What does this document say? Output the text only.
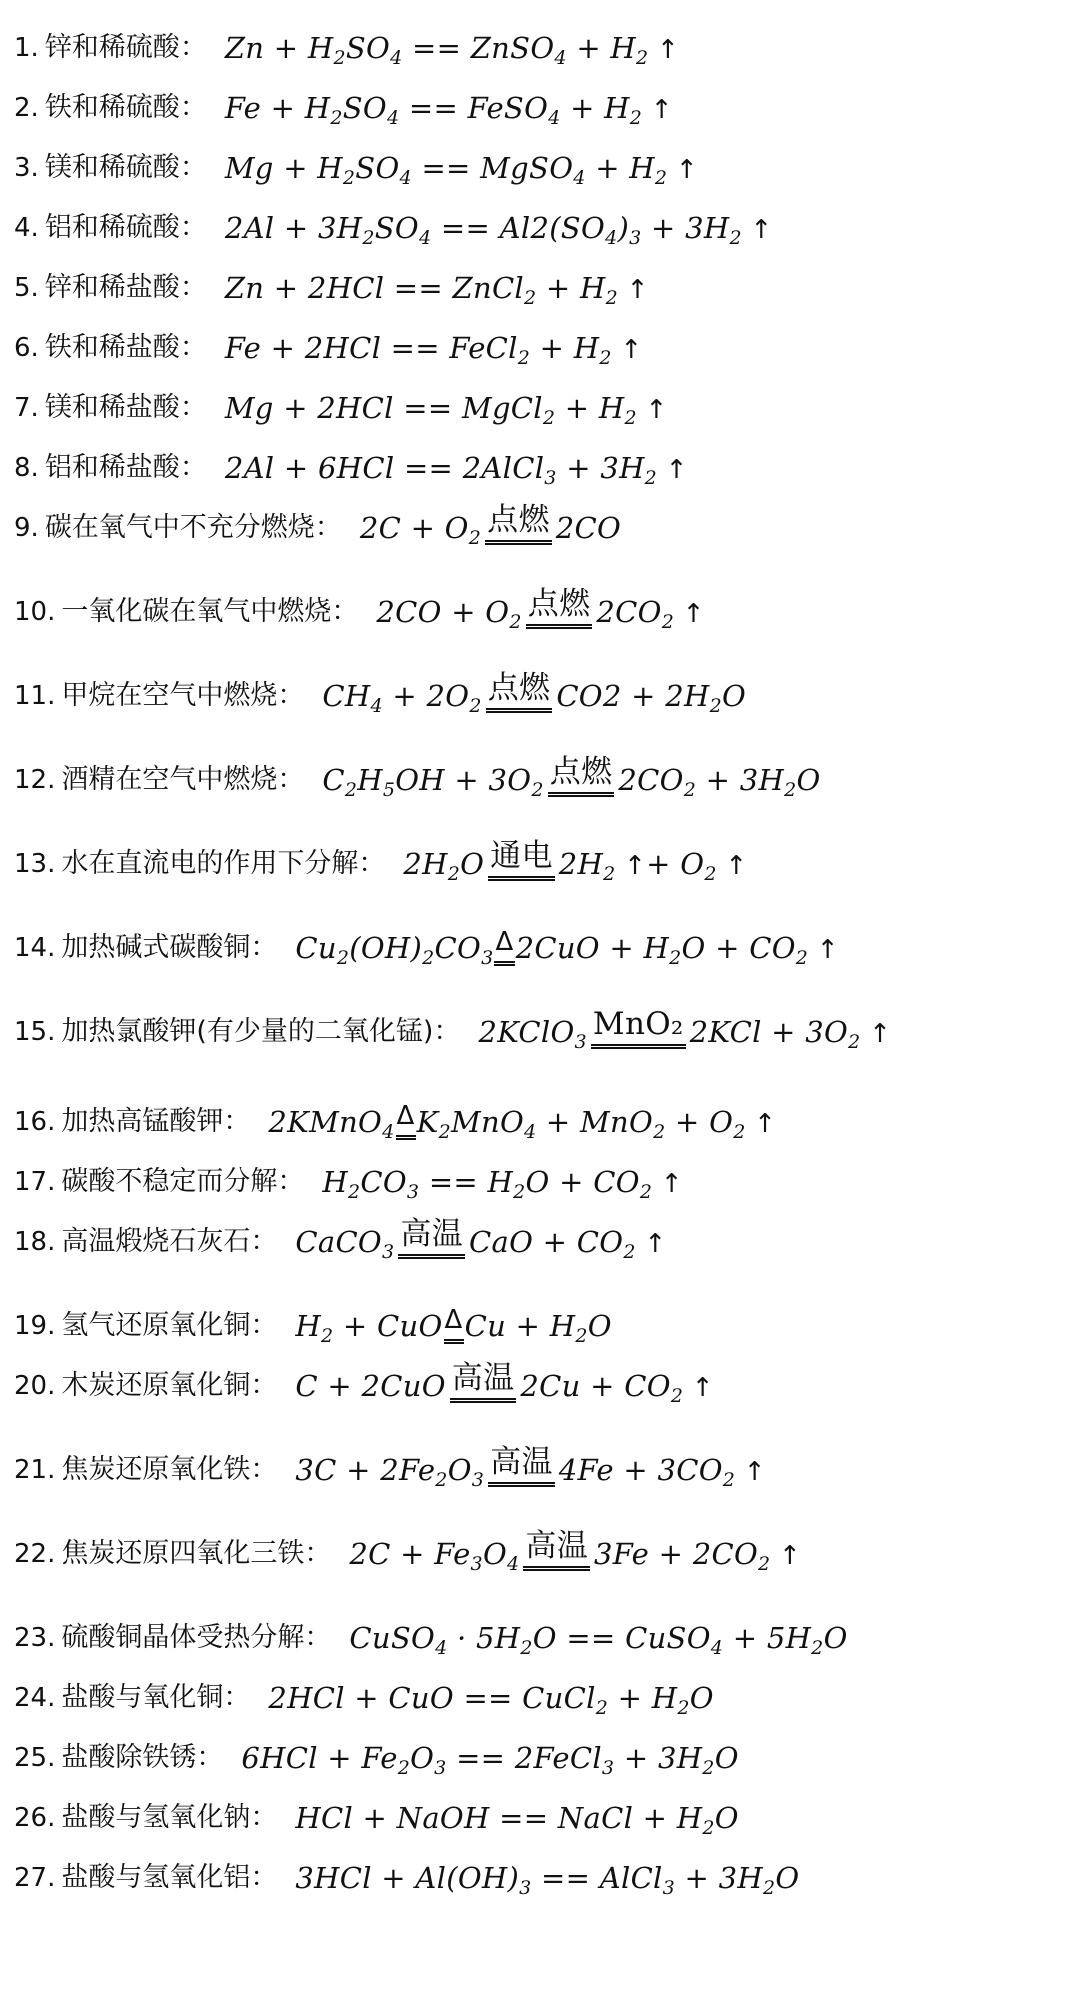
1. 锌和稀硫酸 ： $Zn + H_2SO_4$ == ZnSO$_4$ + $H_2$ ↑
2. 铁和稀硫酸 ： $Fe + H_2SO_4$ == FeSO$_4$ + $H_2$ ↑
3. 镁和稀硫酸 ： $Mg + H_2SO_4$ == MgSO$_4$ + $H_2$ ↑
4. 铝和稀硫酸 ： $2Al + 3H_2SO_4 == Al2(SO_4)_3 + 3H_2$ ↑
5. 锌和稀盐酸 ： Zn + 2HCl == ZnCl$_2$ + $H_2$ ↑
6. 铁和稀盐酸 ： Fe + 2HCl == FeCl$_2$ + $H_2$ ↑
7. 镁和稀盐酸 ： Mg + 2HCl == MgCl$_2$ + $H_2$ ↑
8. 铝和稀盐酸 ： 2Al + 6HCl == 2AlCl$_3$ + $3H_2$ ↑
9. 碳在氧气中不充分燃烧 ： $2C + O_2$ 点燃 2CO
10. 一氧化碳在氧气中燃烧 ： $2CO + O_2$ 点燃 $2CO_2$ ↑
11. 甲烷在空气中燃烧 ： $CH_4 + 2O_2$ 点燃 $CO2 + 2H_2O$
12. 酒精在空气中燃烧 ： $C_2H_5OH + 3O_2$ 点燃 $2CO_2 + 3H_2O$
13. 水在直流电的作用下分解 ： $2H_2O$ 通电 $2H_2$ ↑+ $O_2$ ↑
14. 加热碱式碳酸铜 ： $Cu_2(OH)_2CO_3\Delta 2CuO + H_2O + CO_2$ ↑
15. 加热氯酸钾(有少量的二氧化锰) ： 2KClO$_3$ MnO₂ $2KCl + 3O_2$ ↑
16. 加热高锰酸钾 ： $2KMnO_4\Delta K_2MnO_4 + MnO_2 + O_2$ ↑
17. 碳酸不稳定而分解 ： $H_2CO_3 == H_2O + CO_2$ ↑
18. 高温煅烧石灰石 ： CaCO$_3$ 高温 CaO + $CO_2$ ↑
19. 氢气还原氧化铜 ： $H_2 + CuO\Delta Cu + H_2O$
20. 木炭还原氧化铜 ： C + 2CuO 高温 $2Cu + CO_2$ ↑
21. 焦炭还原氧化铁 ： $3C + 2Fe_2O_3$ 高温 $4Fe + 3CO_2$ ↑
22. 焦炭还原四氧化三铁 ： $2C + Fe_3O_4$ 高温 $3Fe + 2CO_2$ ↑
23. 硫酸铜晶体受热分解 ： CuSO$_4$ · $5H_2O$ == CuSO$_4$ + $5H_2O$
24. 盐酸与氧化铜 ： 2HCl + CuO == CuCl$_2$ + $H_2O$
25. 盐酸除铁锈 ： $6HCl + Fe_2O_3$ == 2FeCl$_3$ + $3H_2O$
26. 盐酸与氢氧化钠 ： HCl + NaOH == NaCl + $H_2O$
27. 盐酸与氢氧化铝 ： $3HCl + Al(OH)_3$ == AlCl$_3$ + $3H_2O$
